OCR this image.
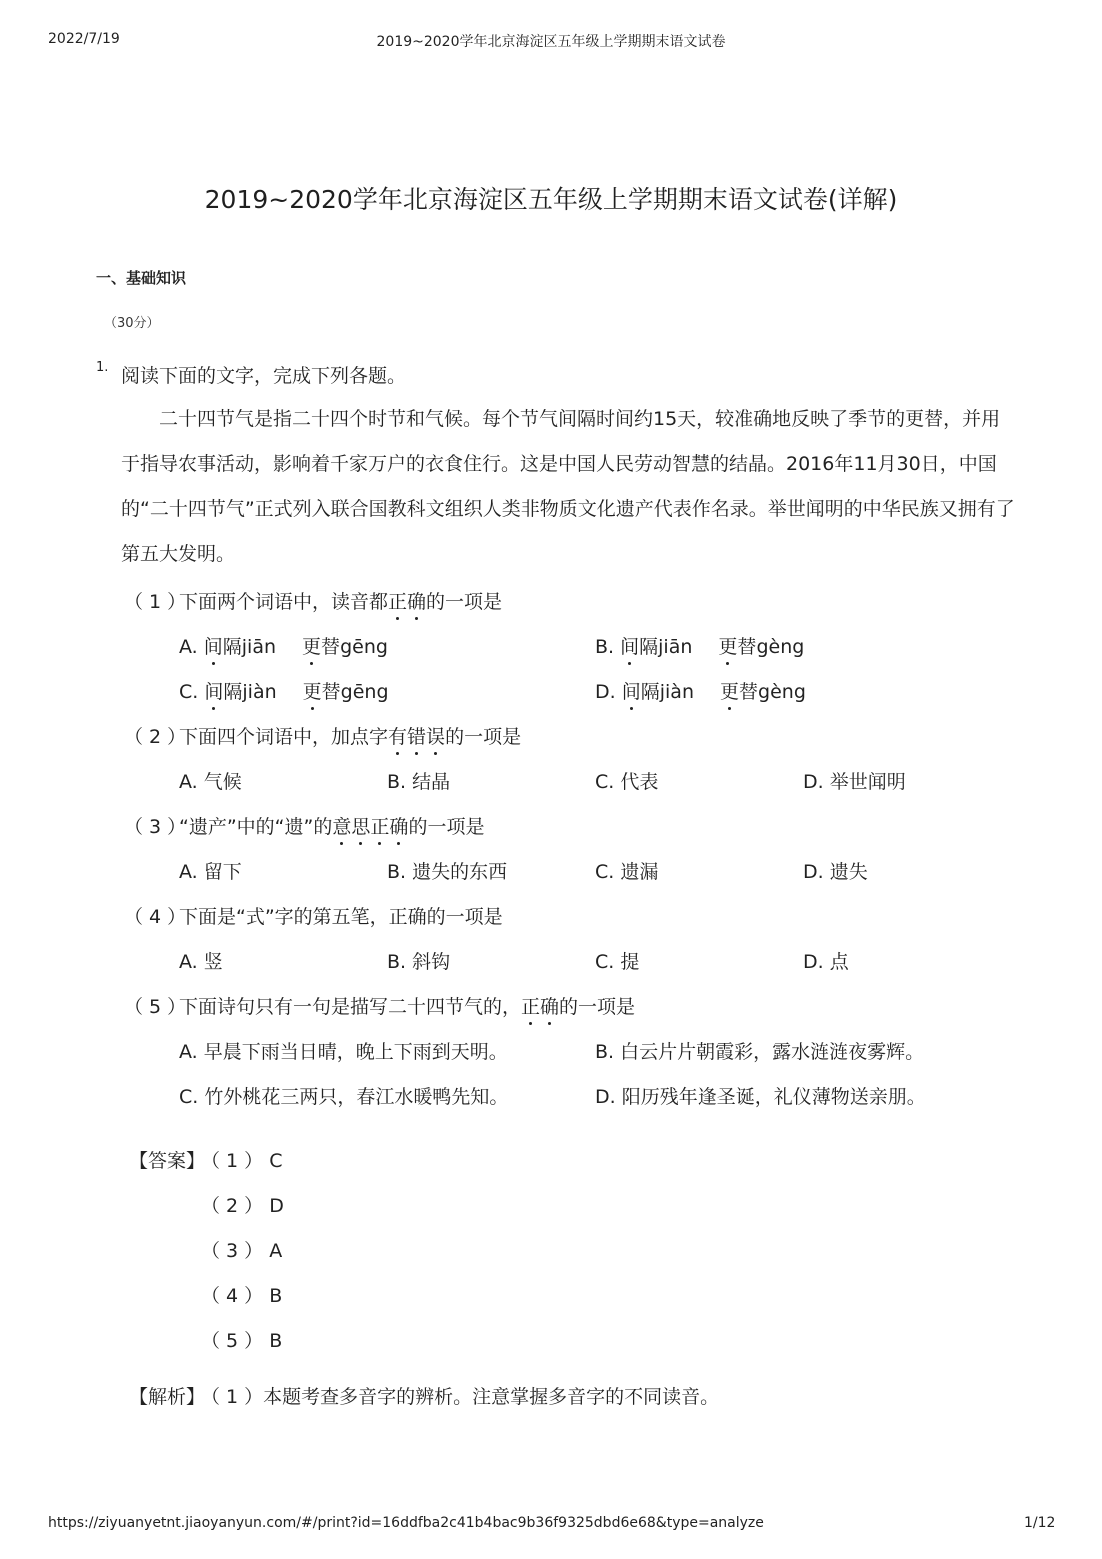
2022/7/19	2019~2020学年北京海淀区五年级上学期期末语文试卷
2019~2020学年北京海淀区五年级上学期期末语文试卷(详解)
一、基础知识
（30分）
1. 阅读下面的文字，完成下列各题。

二十四节气是指二十四个时节和气候。每个节气间隔时间约15天，较准确地反映了季节的更替，并用于指导农事活动，影响着千家万户的衣食住行。这是中国人民劳动智慧的结晶。2016年11月30日，中国的“二十四节气”正式列入联合国教科文组织人类非物质文化遗产代表作名录。举世闻明的中华民族又拥有了第五大发明。

（ 1 ）
下面两个词语中，读音都正确的一项是
A. 间隔jiān 更替gēng	B. 间隔jiān 更替gèng
C. 间隔jiàn 更替gēng	D. 间隔jiàn 更替gèng
（ 2 ）
下面四个词语中，加点字有错误的一项是
A. 气候	B. 结晶	C. 代表	D. 举世闻明
（ 3 ）
“遗产”中的“遗”的意思正确的一项是
A. 留下	B. 遗失的东西	C. 遗漏	D. 遗失
（ 4 ）
下面是“式”字的第五笔，正确的一项是
A. 竖	B. 斜钩	C. 提	D. 点
（ 5 ）
下面诗句只有一句是描写二十四节气的，正确的一项是
A. 早晨下雨当日晴，晚上下雨到天明。	B. 白云片片朝霞彩，露水涟涟夜雾辉。
C. 竹外桃花三两只，春江水暖鸭先知。	D. 阳历残年逢圣诞，礼仪薄物送亲朋。
【答案】
（ 1 ） C
（ 2 ） D
（ 3 ） A
（ 4 ） B
（ 5 ） B
【解析】
（ 1 ）本题考查多音字的辨析。注意掌握多音字的不同读音。
https://ziyuanyetnt.jiaoyanyun.com/#/print?id=16ddfba2c41b4bac9b36f9325dbd6e68&type=analyze	1/12
